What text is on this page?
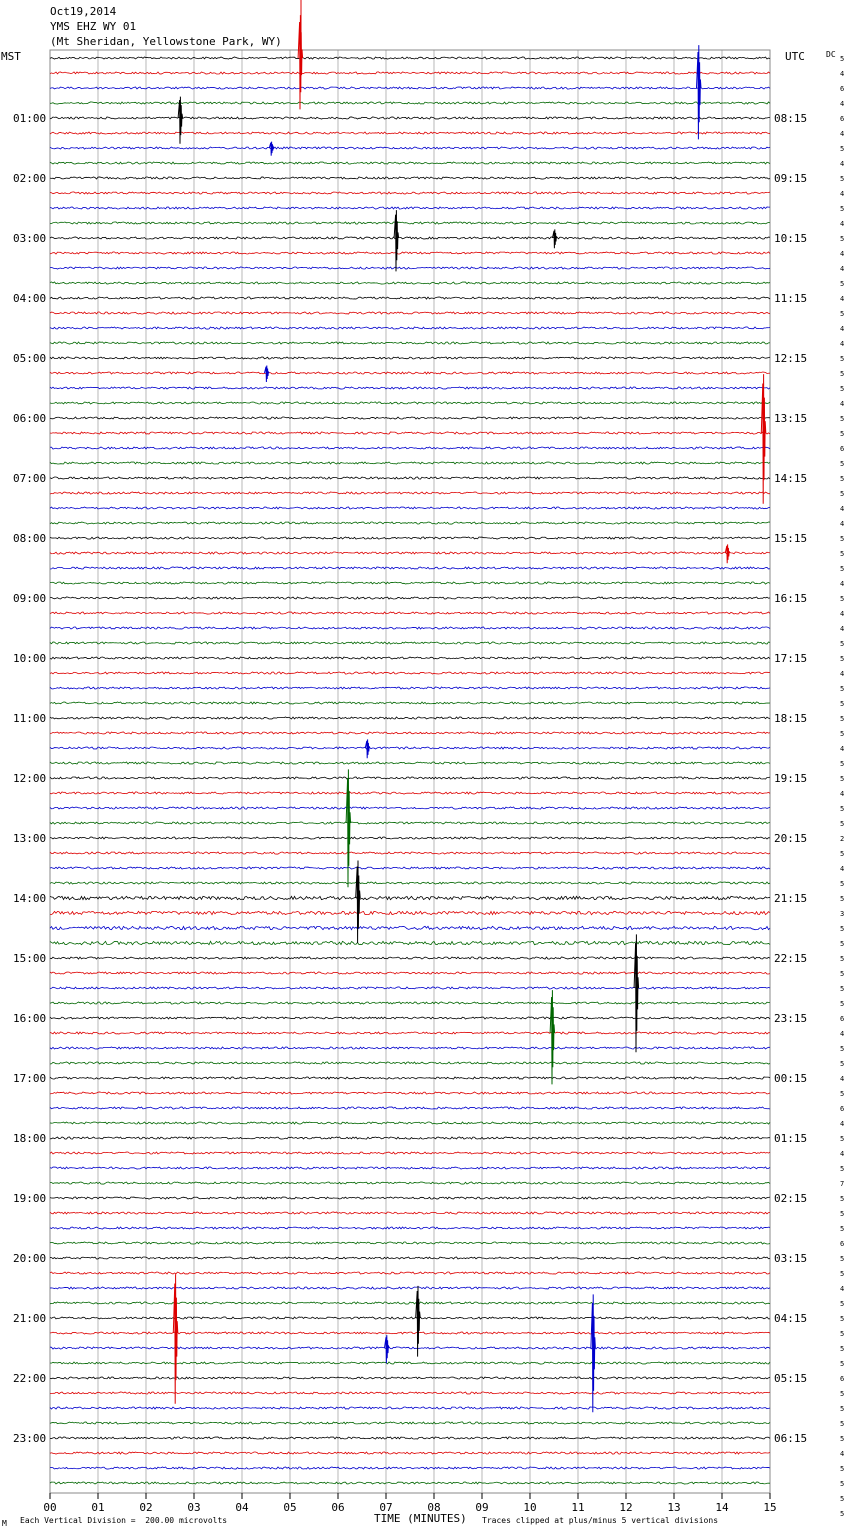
01:00
02:00
03:00
04:00
05:00
06:00
07:00
08:00
09:00
10:00
11:00
12:00
13:00
14:00
15:00
16:00
17:00
18:00
19:00
20:00
21:00
22:00
23:00
08:15
09:15
10:15
11:15
12:15
13:15
14:15
15:15
16:15
17:15
18:15
19:15
20:15
21:15
22:15
23:15
00:15
01:15
02:15
03:15
04:15
05:15
06:15
5
4
6
4
6
4
5
4
5
4
5
4
5
4
4
5
4
5
4
4
5
5
5
4
5
5
6
5
5
5
4
4
5
5
5
4
5
4
4
5
5
4
5
5
5
5
4
5
5
4
5
5
2
5
4
5
5
3
5
5
5
5
5
5
6
4
5
5
4
5
6
4
5
4
5
7
5
5
5
6
5
5
4
5
5
5
5
5
6
5
5
5
5
4
5
5
5
5
00	01	02	03	04	05	06	07	08	09	10	11	12	13	14	15
Oct19,2014
YMS EHZ WY 01
(Mt Sheridan, Yellowstone Park, WY)
MST	UTC	DC
M Each Vertical Division =  200.00 microvolts	TIME (MINUTES) Traces clipped at plus/minus 5 vertical divisions
